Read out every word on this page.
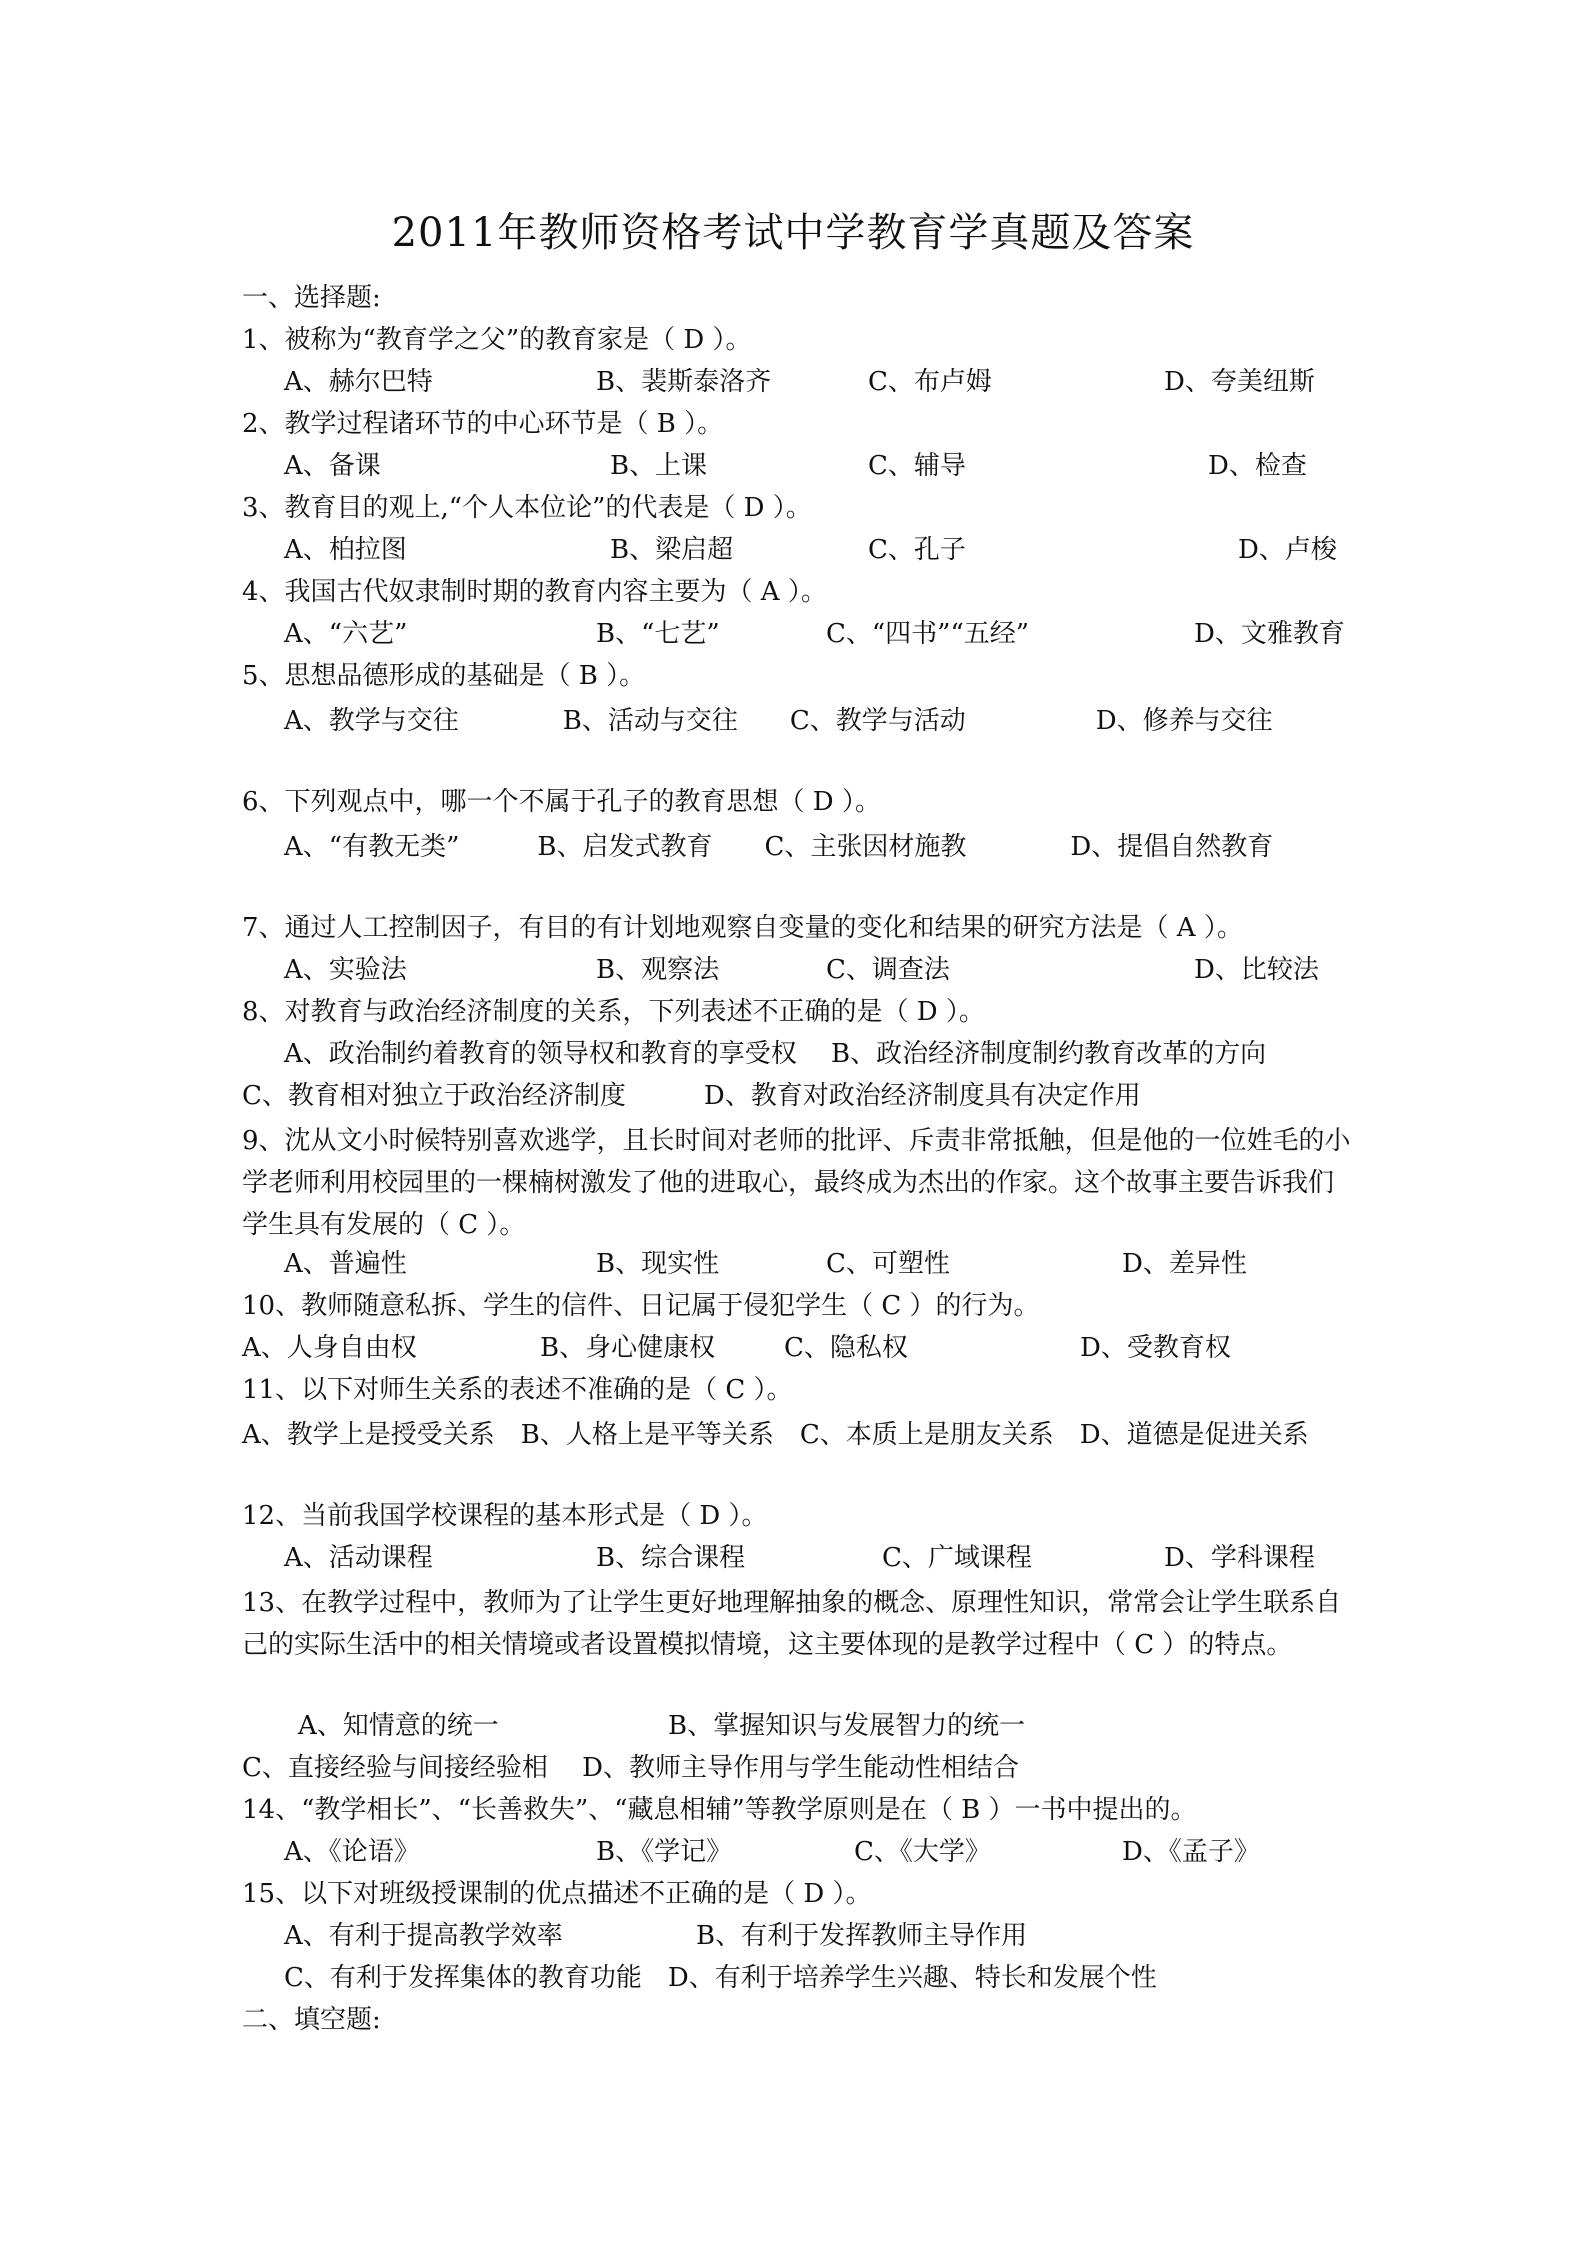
2011年教师资格考试中学教育学真题及答案
一、选择题:
1、被称为“教育学之父”的教育家是（ D ）。
A、赫尔巴特	B、裴斯泰洛齐	C、布卢姆	D、夸美纽斯
2、教学过程诸环节的中心环节是（ B ）。
A、备课	B、上课	C、辅导	D、检查
3、教育目的观上,“个人本位论”的代表是（ D ）。
A、柏拉图	B、梁启超	C、孔子	D、卢梭
4、我国古代奴隶制时期的教育内容主要为（ A ）。
A、“六艺”	B、“七艺”	C、“四书”“五经”	D、文雅教育
5、思想品德形成的基础是（ B ）。
A、教学与交往　　　　B、活动与交往　　C、教学与活动　　　　　D、修养与交往
6、下列观点中，哪一个不属于孔子的教育思想（ D ）。
A、“有教无类”　　　B、启发式教育　　C、主张因材施教　　　　D、提倡自然教育
7、通过人工控制因子，有目的有计划地观察自变量的变化和结果的研究方法是（ A ）。
A、实验法	B、观察法	C、调查法	D、比较法
8、对教育与政治经济制度的关系，下列表述不正确的是（ D ）。
A、政治制约着教育的领导权和教育的享受权　 B、政治经济制度制约教育改革的方向
C、教育相对独立于政治经济制度　　　D、教育对政治经济制度具有决定作用
9、沈从文小时候特别喜欢逃学，且长时间对老师的批评、斥责非常抵触，但是他的一位姓毛的小学老师利用校园里的一棵楠树激发了他的进取心，最终成为杰出的作家。这个故事主要告诉我们学生具有发展的（ C ）。
A、普遍性	B、现实性	C、可塑性	D、差异性
10、教师随意私拆、学生的信件、日记属于侵犯学生（ C ）的行为。
A、人身自由权	B、身心健康权	C、隐私权	D、受教育权
11、以下对师生关系的表述不准确的是（ C ）。
A、教学上是授受关系　B、人格上是平等关系　C、本质上是朋友关系　D、道德是促进关系
12、当前我国学校课程的基本形式是（ D ）。
A、活动课程	B、综合课程	C、广域课程	D、学科课程
13、在教学过程中，教师为了让学生更好地理解抽象的概念、原理性知识，常常会让学生联系自己的实际生活中的相关情境或者设置模拟情境，这主要体现的是教学过程中（ C ）的特点。
A、知情意的统一	B、掌握知识与发展智力的统一
C、直接经验与间接经验相　 D、教师主导作用与学生能动性相结合
14、“教学相长”、“长善救失”、“藏息相辅”等教学原则是在（ B ）一书中提出的。
A、《论语》	B、《学记》	C、《大学》	D、《孟子》
15、以下对班级授课制的优点描述不正确的是（ D ）。
A、有利于提高教学效率	B、有利于发挥教师主导作用
C、有利于发挥集体的教育功能　D、有利于培养学生兴趣、特长和发展个性
二、填空题:
